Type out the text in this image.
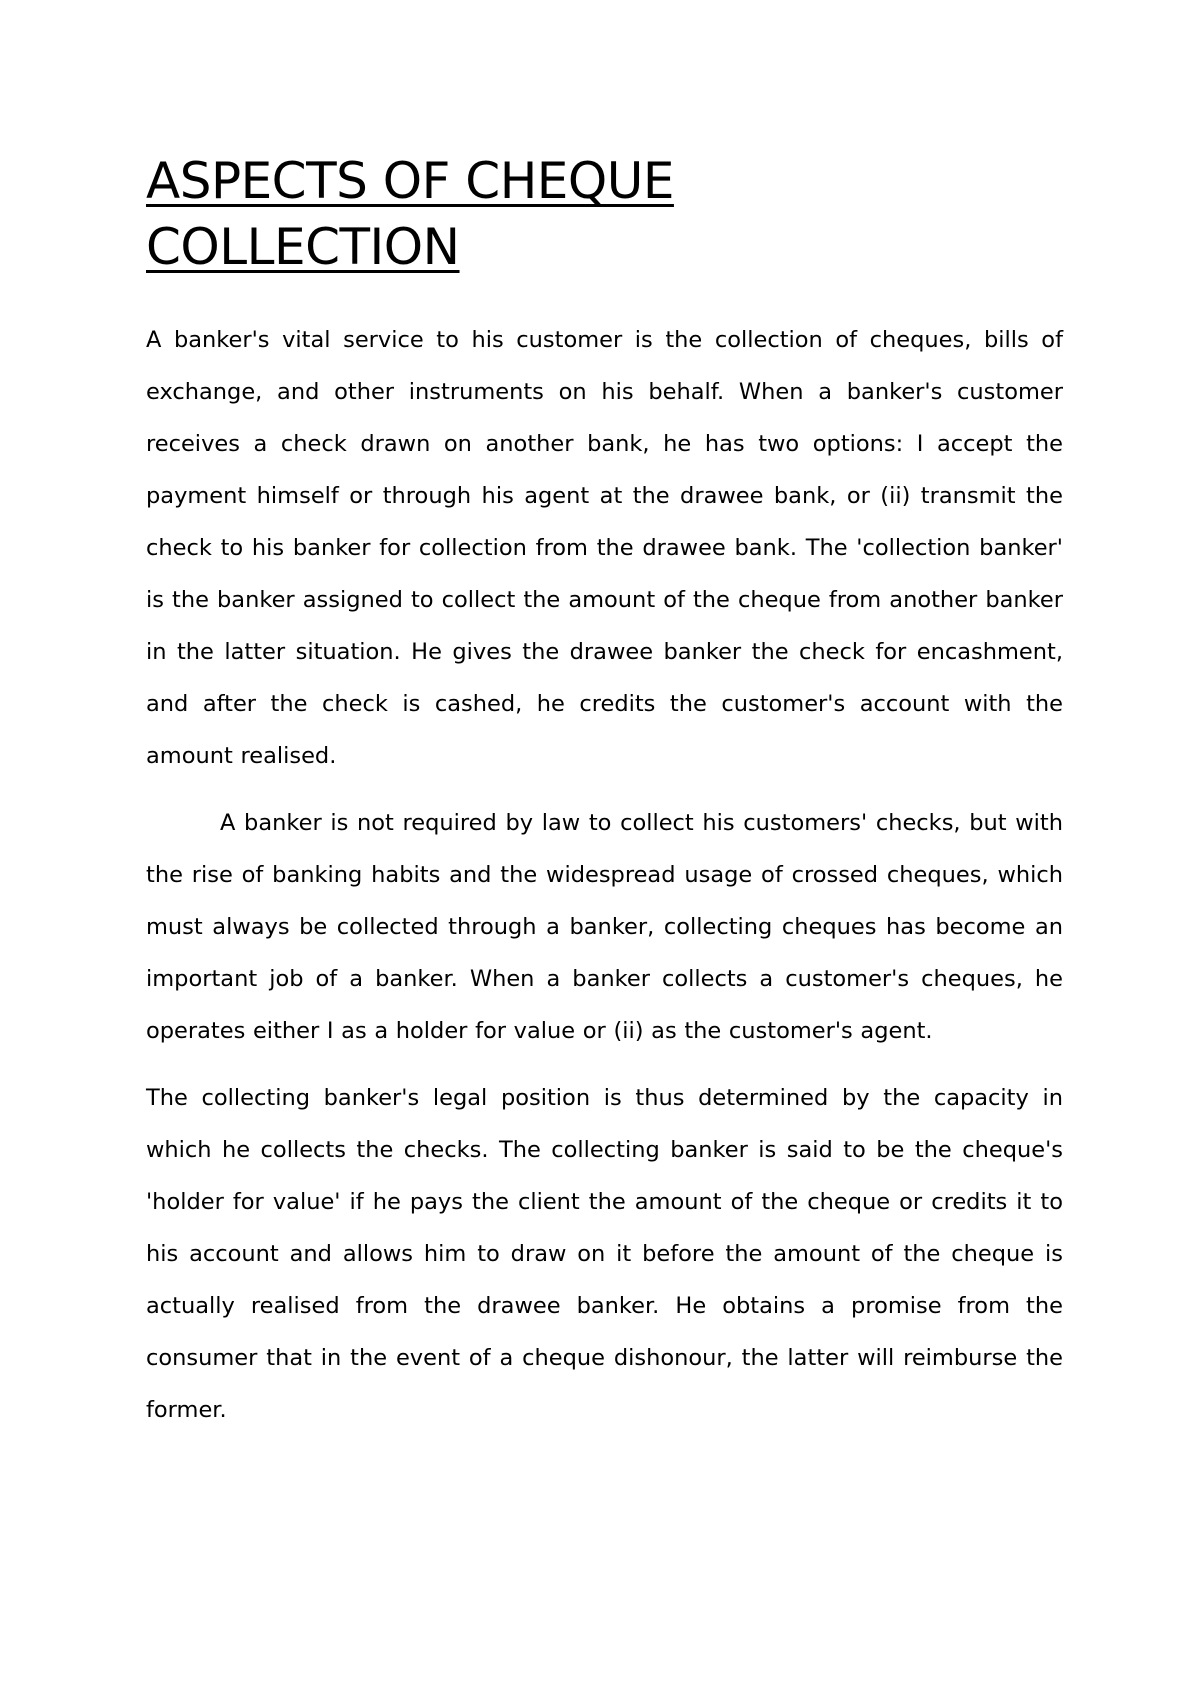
ASPECTS OF CHEQUE COLLECTION

A banker's vital service to his customer is the collection of cheques, bills of exchange, and other instruments on his behalf. When a banker's customer receives a check drawn on another bank, he has two options: I accept the payment himself or through his agent at the drawee bank, or (ii) transmit the check to his banker for collection from the drawee bank. The 'collection banker' is the banker assigned to collect the amount of the cheque from another banker in the latter situation. He gives the drawee banker the check for encashment, and after the check is cashed, he credits the customer's account with the amount realised.

A banker is not required by law to collect his customers' checks, but with the rise of banking habits and the widespread usage of crossed cheques, which must always be collected through a banker, collecting cheques has become an important job of a banker. When a banker collects a customer's cheques, he operates either I as a holder for value or (ii) as the customer's agent.

The collecting banker's legal position is thus determined by the capacity in which he collects the checks. The collecting banker is said to be the cheque's 'holder for value' if he pays the client the amount of the cheque or credits it to his account and allows him to draw on it before the amount of the cheque is actually realised from the drawee banker. He obtains a promise from the consumer that in the event of a cheque dishonour, the latter will reimburse the former.
